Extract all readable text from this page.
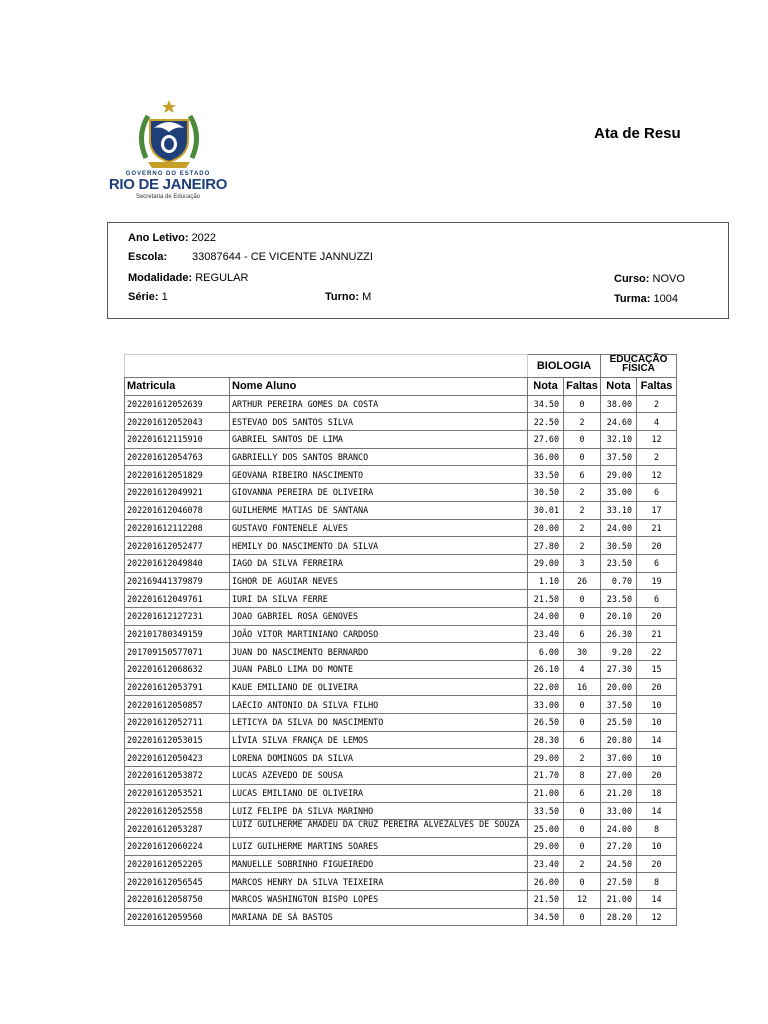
GOVERNO DO ESTADO
RIO DE JANEIRO
Secretaria de Educação
Ata de Resu
Ano Letivo: 2022
Escola: 33087644 - CE VICENTE JANNUZZI
Modalidade: REGULAR	Curso: NOVO
Série: 1	Turno: M	Turma: 1004
		BIOLOGIA		EDUCAÇÃO FÍSICA	
Matricula	Nome Aluno	Nota	Faltas	Nota	Faltas
202201612052639	ARTHUR PEREIRA GOMES DA COSTA	34.50	0	38.00	2
202201612052043	ESTEVAO DOS SANTOS SILVA	22.50	2	24.60	4
202201612115910	GABRIEL SANTOS DE LIMA	27.60	0	32.10	12
202201612054763	GABRIELLY DOS SANTOS BRANCO	36.00	0	37.50	2
202201612051829	GEOVANA RIBEIRO NASCIMENTO	33.50	6	29.00	12
202201612049921	GIOVANNA PEREIRA DE OLIVEIRA	30.50	2	35.00	6
202201612046078	GUILHERME MATIAS DE SANTANA	30.01	2	33.10	17
202201612112208	GUSTAVO FONTENELE ALVES	20.00	2	24.00	21
202201612052477	HEMILY DO NASCIMENTO DA SILVA	27.80	2	30.50	20
202201612049840	IAGO DA SILVA FERREIRA	29.00	3	23.50	6
202169441379879	IGHOR DE AGUIAR NEVES	1.10	26	0.70	19
202201612049761	IURI DA SILVA FERRE	21.50	0	23.50	6
202201612127231	JOAO GABRIEL ROSA GENOVES	24.00	0	20.10	20
202101780349159	JOÃO VITOR MARTINIANO CARDOSO	23.40	6	26.30	21
201709150577071	JUAN DO NASCIMENTO BERNARDO	6.00	30	9.20	22
202201612068632	JUAN PABLO LIMA DO MONTE	26.10	4	27.30	15
202201612053791	KAUE EMILIANO DE OLIVEIRA	22.00	16	20.00	20
202201612050857	LAECIO ANTONIO DA SILVA FILHO	33.00	0	37.50	10
202201612052711	LETICYA DA SILVA DO NASCIMENTO	26.50	0	25.50	10
202201612053015	LÍVIA SILVA FRANÇA DE LEMOS	28.30	6	20.80	14
202201612050423	LORENA DOMINGOS DA SILVA	29.00	2	37.00	10
202201612053872	LUCAS AZEVEDO DE SOUSA	21.70	8	27.00	20
202201612053521	LUCAS EMILIANO DE OLIVEIRA	21.00	6	21.20	18
202201612052558	LUIZ FELIPE DA SILVA MARINHO	33.50	0	33.00	14
202201612053287	LUIZ GUILHERME AMADEU DA CRUZ PEREIRA ALVEZALVES DE SOUZA	25.00	0	24.00	8
202201612060224	LUIZ GUILHERME MARTINS SOARES	29.00	0	27.20	10
202201612052205	MANUELLE SOBRINHO FIGUEIREDO	23.40	2	24.50	20
202201612056545	MARCOS HENRY DA SILVA TEIXEIRA	26.00	0	27.50	8
202201612058750	MARCOS WASHINGTON BISPO LOPES	21.50	12	21.00	14
202201612059560	MARIANA DE SÁ BASTOS	34.50	0	28.20	12
